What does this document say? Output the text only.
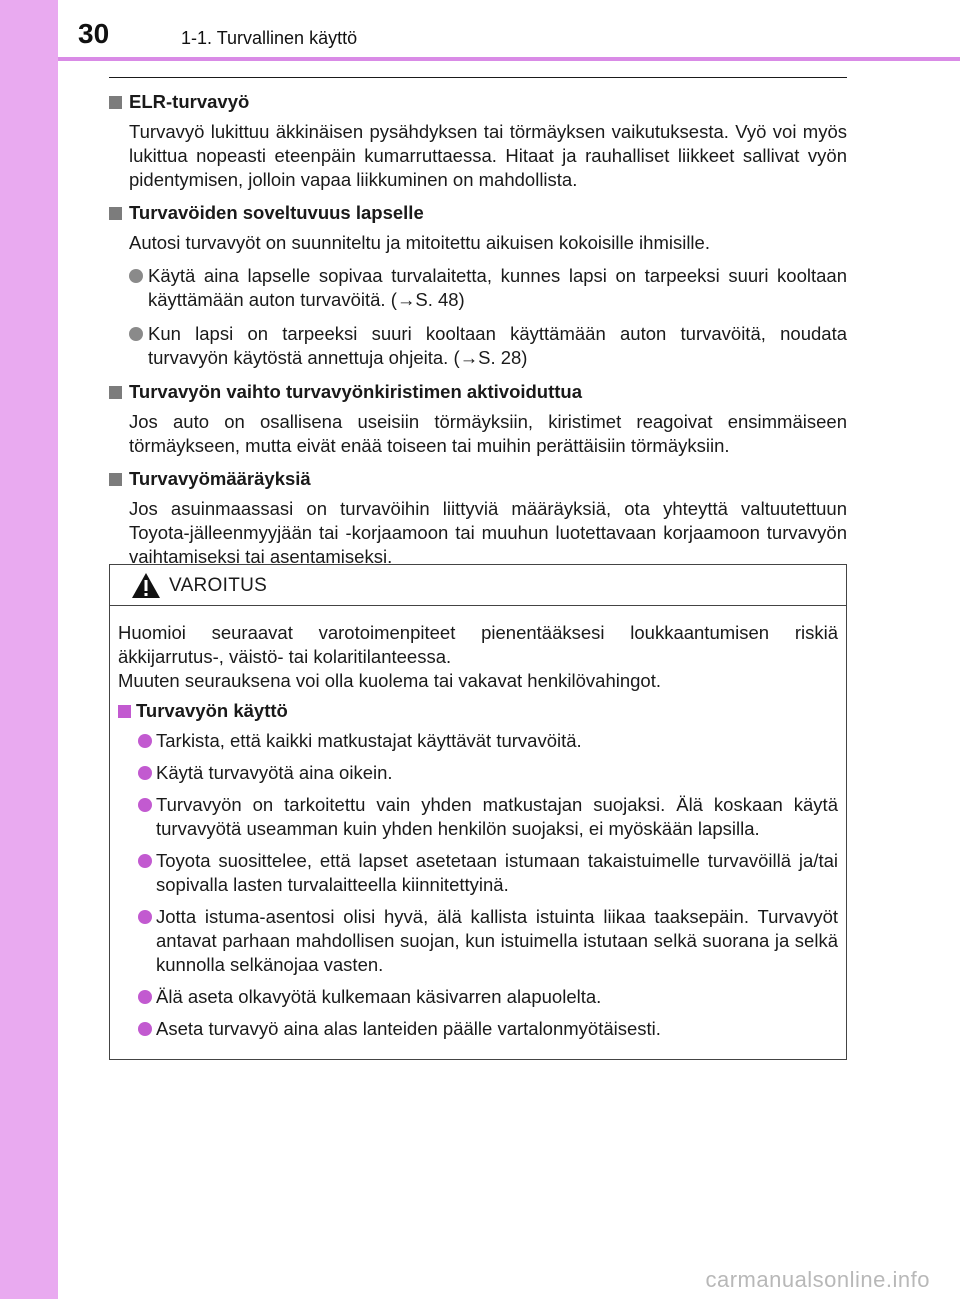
30	1-1. Turvallinen käyttö
ELR-turvavyö
Turvavyö lukittuu äkkinäisen pysähdyksen tai törmäyksen vaikutuksesta. Vyö voi myös lukittua nopeasti eteenpäin kumarruttaessa. Hitaat ja rauhalliset liikkeet sallivat vyön pidentymisen, jolloin vapaa liikkuminen on mahdollista.
Turvavöiden soveltuvuus lapselle
Autosi turvavyöt on suunniteltu ja mitoitettu aikuisen kokoisille ihmisille.
Käytä aina lapselle sopivaa turvalaitetta, kunnes lapsi on tarpeeksi suuri kooltaan käyttämään auton turvavöitä. (→S. 48)
Kun lapsi on tarpeeksi suuri kooltaan käyttämään auton turvavöitä, noudata turvavyön käytöstä annettuja ohjeita. (→S. 28)
Turvavyön vaihto turvavyönkiristimen aktivoiduttua
Jos auto on osallisena useisiin törmäyksiin, kiristimet reagoivat ensimmäiseen törmäykseen, mutta eivät enää toiseen tai muihin perättäisiin törmäyksiin.
Turvavyömääräyksiä
Jos asuinmaassasi on turvavöihin liittyviä määräyksiä, ota yhteyttä valtuutettuun Toyota-jälleenmyyjään tai -korjaamoon tai muuhun luotettavaan korjaamoon turvavyön vaihtamiseksi tai asentamiseksi.
VAROITUS
Huomioi seuraavat varotoimenpiteet pienentääksesi loukkaantumisen riskiä äkkijarrutus-, väistö- tai kolaritilanteessa.
Muuten seurauksena voi olla kuolema tai vakavat henkilövahingot.
Turvavyön käyttö
Tarkista, että kaikki matkustajat käyttävät turvavöitä.
Käytä turvavyötä aina oikein.
Turvavyön on tarkoitettu vain yhden matkustajan suojaksi. Älä koskaan käytä turvavyötä useamman kuin yhden henkilön suojaksi, ei myöskään lapsilla.
Toyota suosittelee, että lapset asetetaan istumaan takaistuimelle turvavöillä ja/tai sopivalla lasten turvalaitteella kiinnitettyinä.
Jotta istuma-asentosi olisi hyvä, älä kallista istuinta liikaa taaksepäin. Turvavyöt antavat parhaan mahdollisen suojan, kun istuimella istutaan selkä suorana ja selkä kunnolla selkänojaa vasten.
Älä aseta olkavyötä kulkemaan käsivarren alapuolelta.
Aseta turvavyö aina alas lanteiden päälle vartalonmyötäisesti.
carmanualsonline.info
